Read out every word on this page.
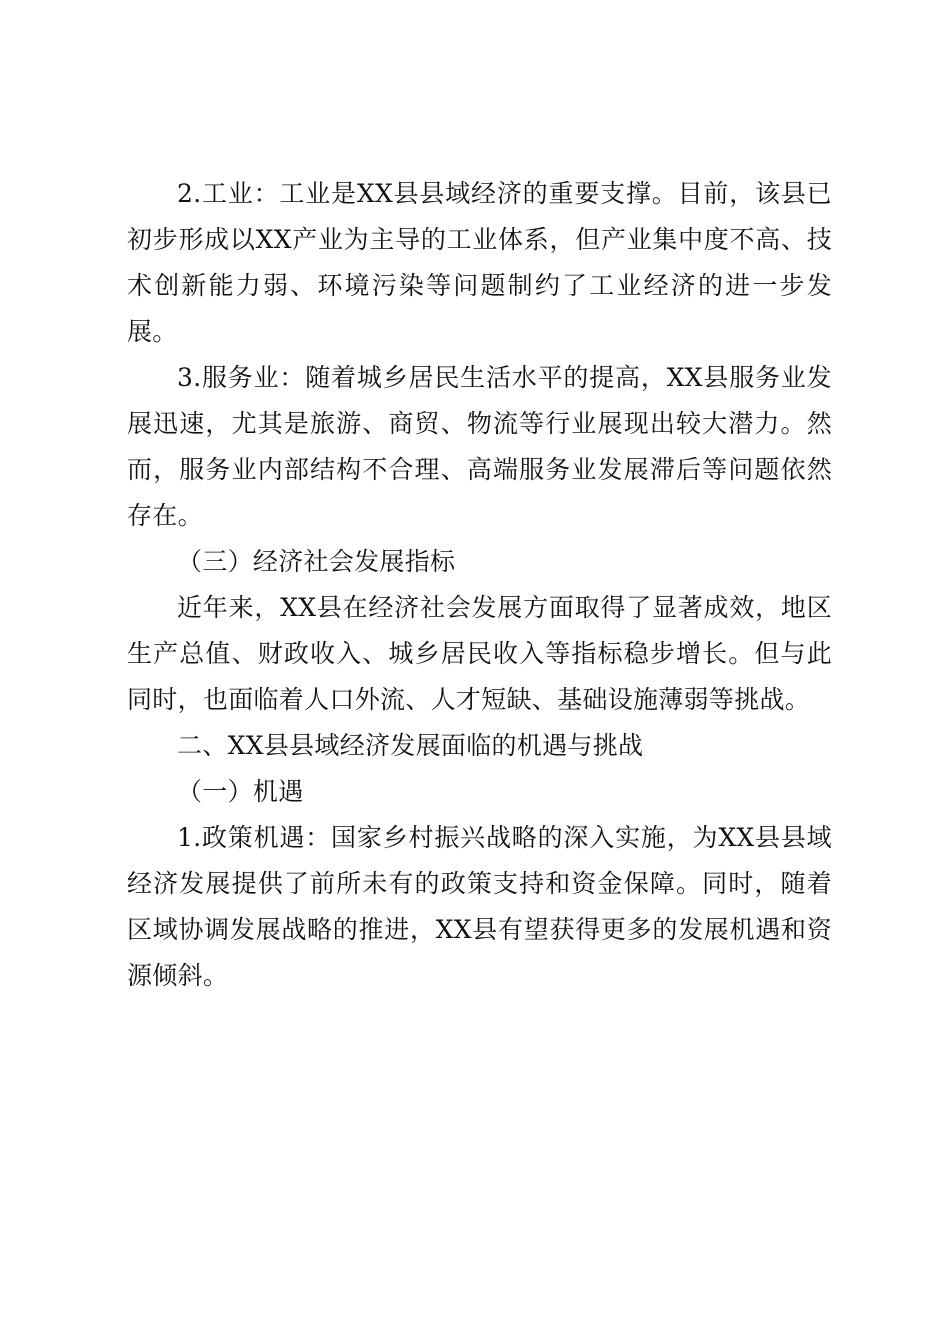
2.工业：工业是XX县县域经济的重要支撑。目前，该县已初步形成以XX产业为主导的工业体系，但产业集中度不高、技术创新能力弱、环境污染等问题制约了工业经济的进一步发展。

3.服务业：随着城乡居民生活水平的提高，XX县服务业发展迅速，尤其是旅游、商贸、物流等行业展现出较大潜力。然而，服务业内部结构不合理、高端服务业发展滞后等问题依然存在。

（三）经济社会发展指标

近年来，XX县在经济社会发展方面取得了显著成效，地区生产总值、财政收入、城乡居民收入等指标稳步增长。但与此同时，也面临着人口外流、人才短缺、基础设施薄弱等挑战。

二、XX县县域经济发展面临的机遇与挑战

（一）机遇

1.政策机遇：国家乡村振兴战略的深入实施，为XX县县域经济发展提供了前所未有的政策支持和资金保障。同时，随着区域协调发展战略的推进，XX县有望获得更多的发展机遇和资源倾斜。
